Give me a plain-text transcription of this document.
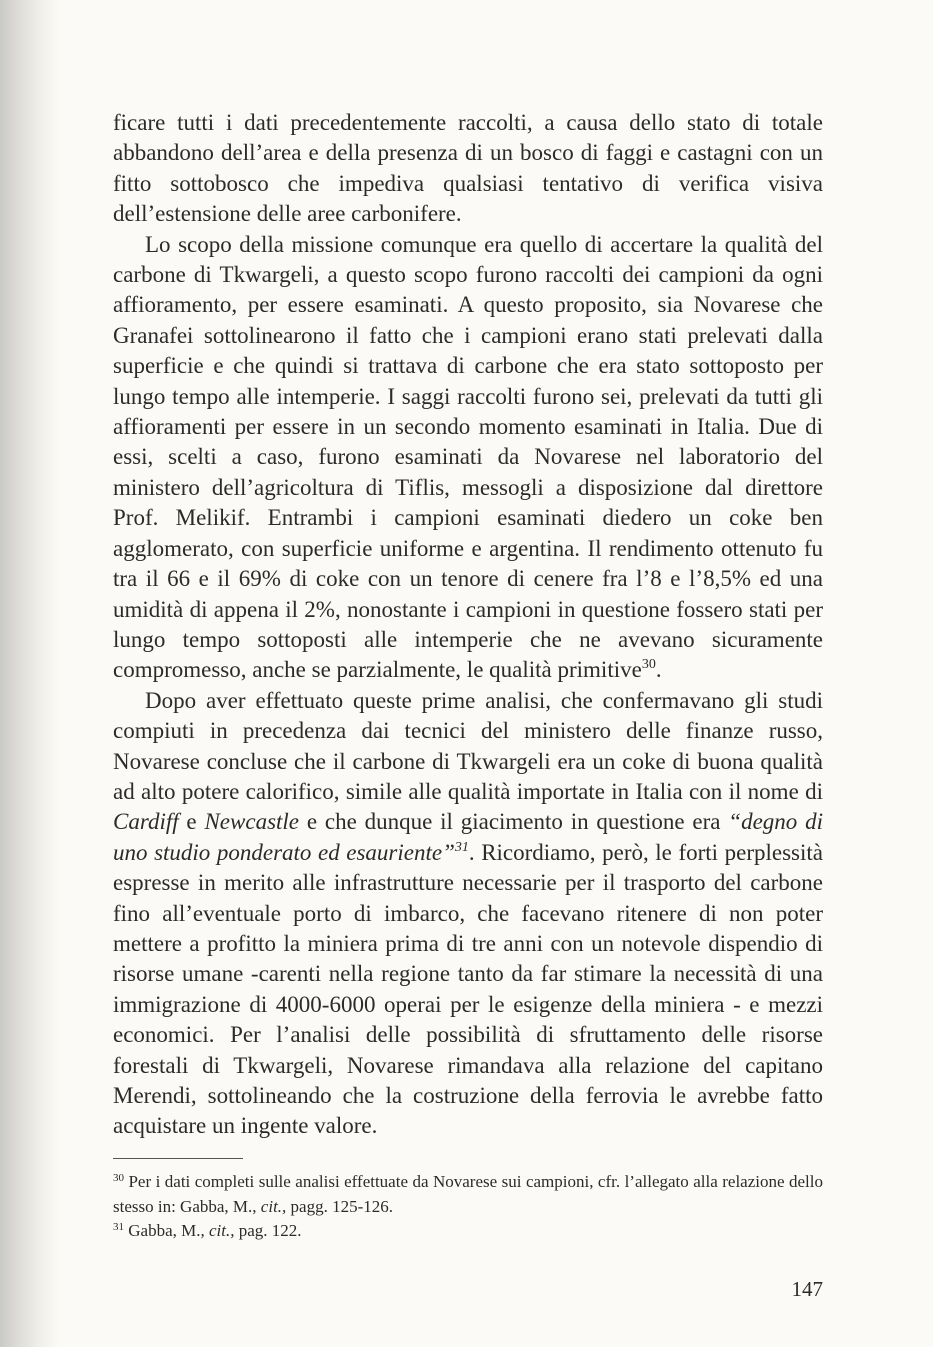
ficare tutti i dati precedentemente raccolti, a causa dello stato di totale abbandono dell’area e della presenza di un bosco di faggi e castagni con un fitto sottobosco che impediva qualsiasi tentativo di verifica visiva dell’estensione delle aree carbonifere.

Lo scopo della missione comunque era quello di accertare la qualità del carbone di Tkwargeli, a questo scopo furono raccolti dei campioni da ogni affioramento, per essere esaminati. A questo proposito, sia Novarese che Granafei sottolinearono il fatto che i campioni erano stati prelevati dalla superficie e che quindi si trattava di carbone che era stato sottoposto per lungo tempo alle intemperie. I saggi raccolti furono sei, prelevati da tutti gli affioramenti per essere in un secondo momento esaminati in Italia. Due di essi, scelti a caso, furono esaminati da Novarese nel laboratorio del ministero dell’agricoltura di Tiflis, messogli a disposizione dal direttore Prof. Melikif. Entrambi i campioni esaminati diedero un coke ben agglomerato, con superficie uniforme e argentina. Il rendimento ottenuto fu tra il 66 e il 69% di coke con un tenore di cenere fra l’8 e l’8,5% ed una umidità di appena il 2%, nonostante i campioni in questione fossero stati per lungo tempo sottoposti alle intemperie che ne avevano sicuramente compromesso, anche se parzialmente, le qualità primitive$^{30}$.

Dopo aver effettuato queste prime analisi, che confermavano gli studi compiuti in precedenza dai tecnici del ministero delle finanze russo, Novarese concluse che il carbone di Tkwargeli era un coke di buona qualità ad alto potere calorifico, simile alle qualità importate in Italia con il nome di Cardiff e Newcastle e che dunque il giacimento in questione era “degno di uno studio ponderato ed esauriente”$^{31}$. Ricordiamo, però, le forti perplessità espresse in merito alle infrastrutture necessarie per il trasporto del carbone fino all’eventuale porto di imbarco, che facevano ritenere di non poter mettere a profitto la miniera prima di tre anni con un notevole dispendio di risorse umane -carenti nella regione tanto da far stimare la necessità di una immigrazione di 4000-6000 operai per le esigenze della miniera - e mezzi economici. Per l’analisi delle possibilità di sfruttamento delle risorse forestali di Tkwargeli, Novarese rimandava alla relazione del capitano Merendi, sottolineando che la costruzione della ferrovia le avrebbe fatto acquistare un ingente valore.

$^{30}$ Per i dati completi sulle analisi effettuate da Novarese sui campioni, cfr. l’allegato alla relazione dello stesso in: Gabba, M., cit., pagg. 125-126.

$^{31}$ Gabba, M., cit., pag. 122.

147
